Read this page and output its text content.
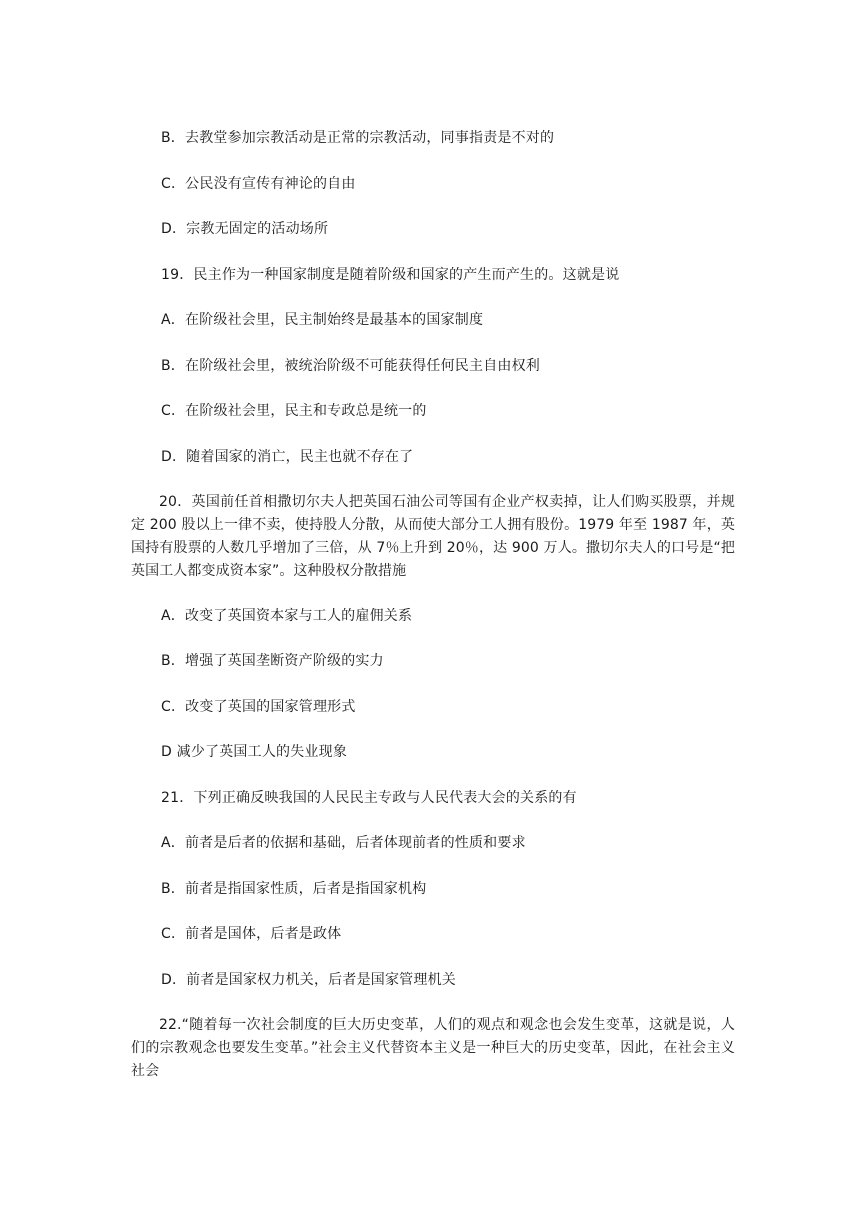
B．去教堂参加宗教活动是正常的宗教活动，同事指责是不对的
C．公民没有宣传有神论的自由
D．宗教无固定的活动场所
19．民主作为一种国家制度是随着阶级和国家的产生而产生的。这就是说
A．在阶级社会里，民主制始终是最基本的国家制度
B．在阶级社会里，被统治阶级不可能获得任何民主自由权利
C．在阶级社会里，民主和专政总是统一的
D．随着国家的消亡，民主也就不存在了
20．英国前任首相撒切尔夫人把英国石油公司等国有企业产权卖掉，让人们购买股票，并规定 200 股以上一律不卖，使持股人分散，从而使大部分工人拥有股份。1979 年至 1987 年，英国持有股票的人数几乎增加了三倍，从 7％上升到 20％，达 900 万人。撒切尔夫人的口号是“把英国工人都变成资本家”。这种股权分散措施
A．改变了英国资本家与工人的雇佣关系
B．增强了英国垄断资产阶级的实力
C．改变了英国的国家管理形式
D 减少了英国工人的失业现象
21．下列正确反映我国的人民民主专政与人民代表大会的关系的有
A．前者是后者的依据和基础，后者体现前者的性质和要求
B．前者是指国家性质，后者是指国家机构
C．前者是国体，后者是政体
D．前者是国家权力机关，后者是国家管理机关
22.“随着每一次社会制度的巨大历史变革，人们的观点和观念也会发生变革，这就是说，人们的宗教观念也要发生变革。”社会主义代替资本主义是一种巨大的历史变革，因此，在社会主义社会
